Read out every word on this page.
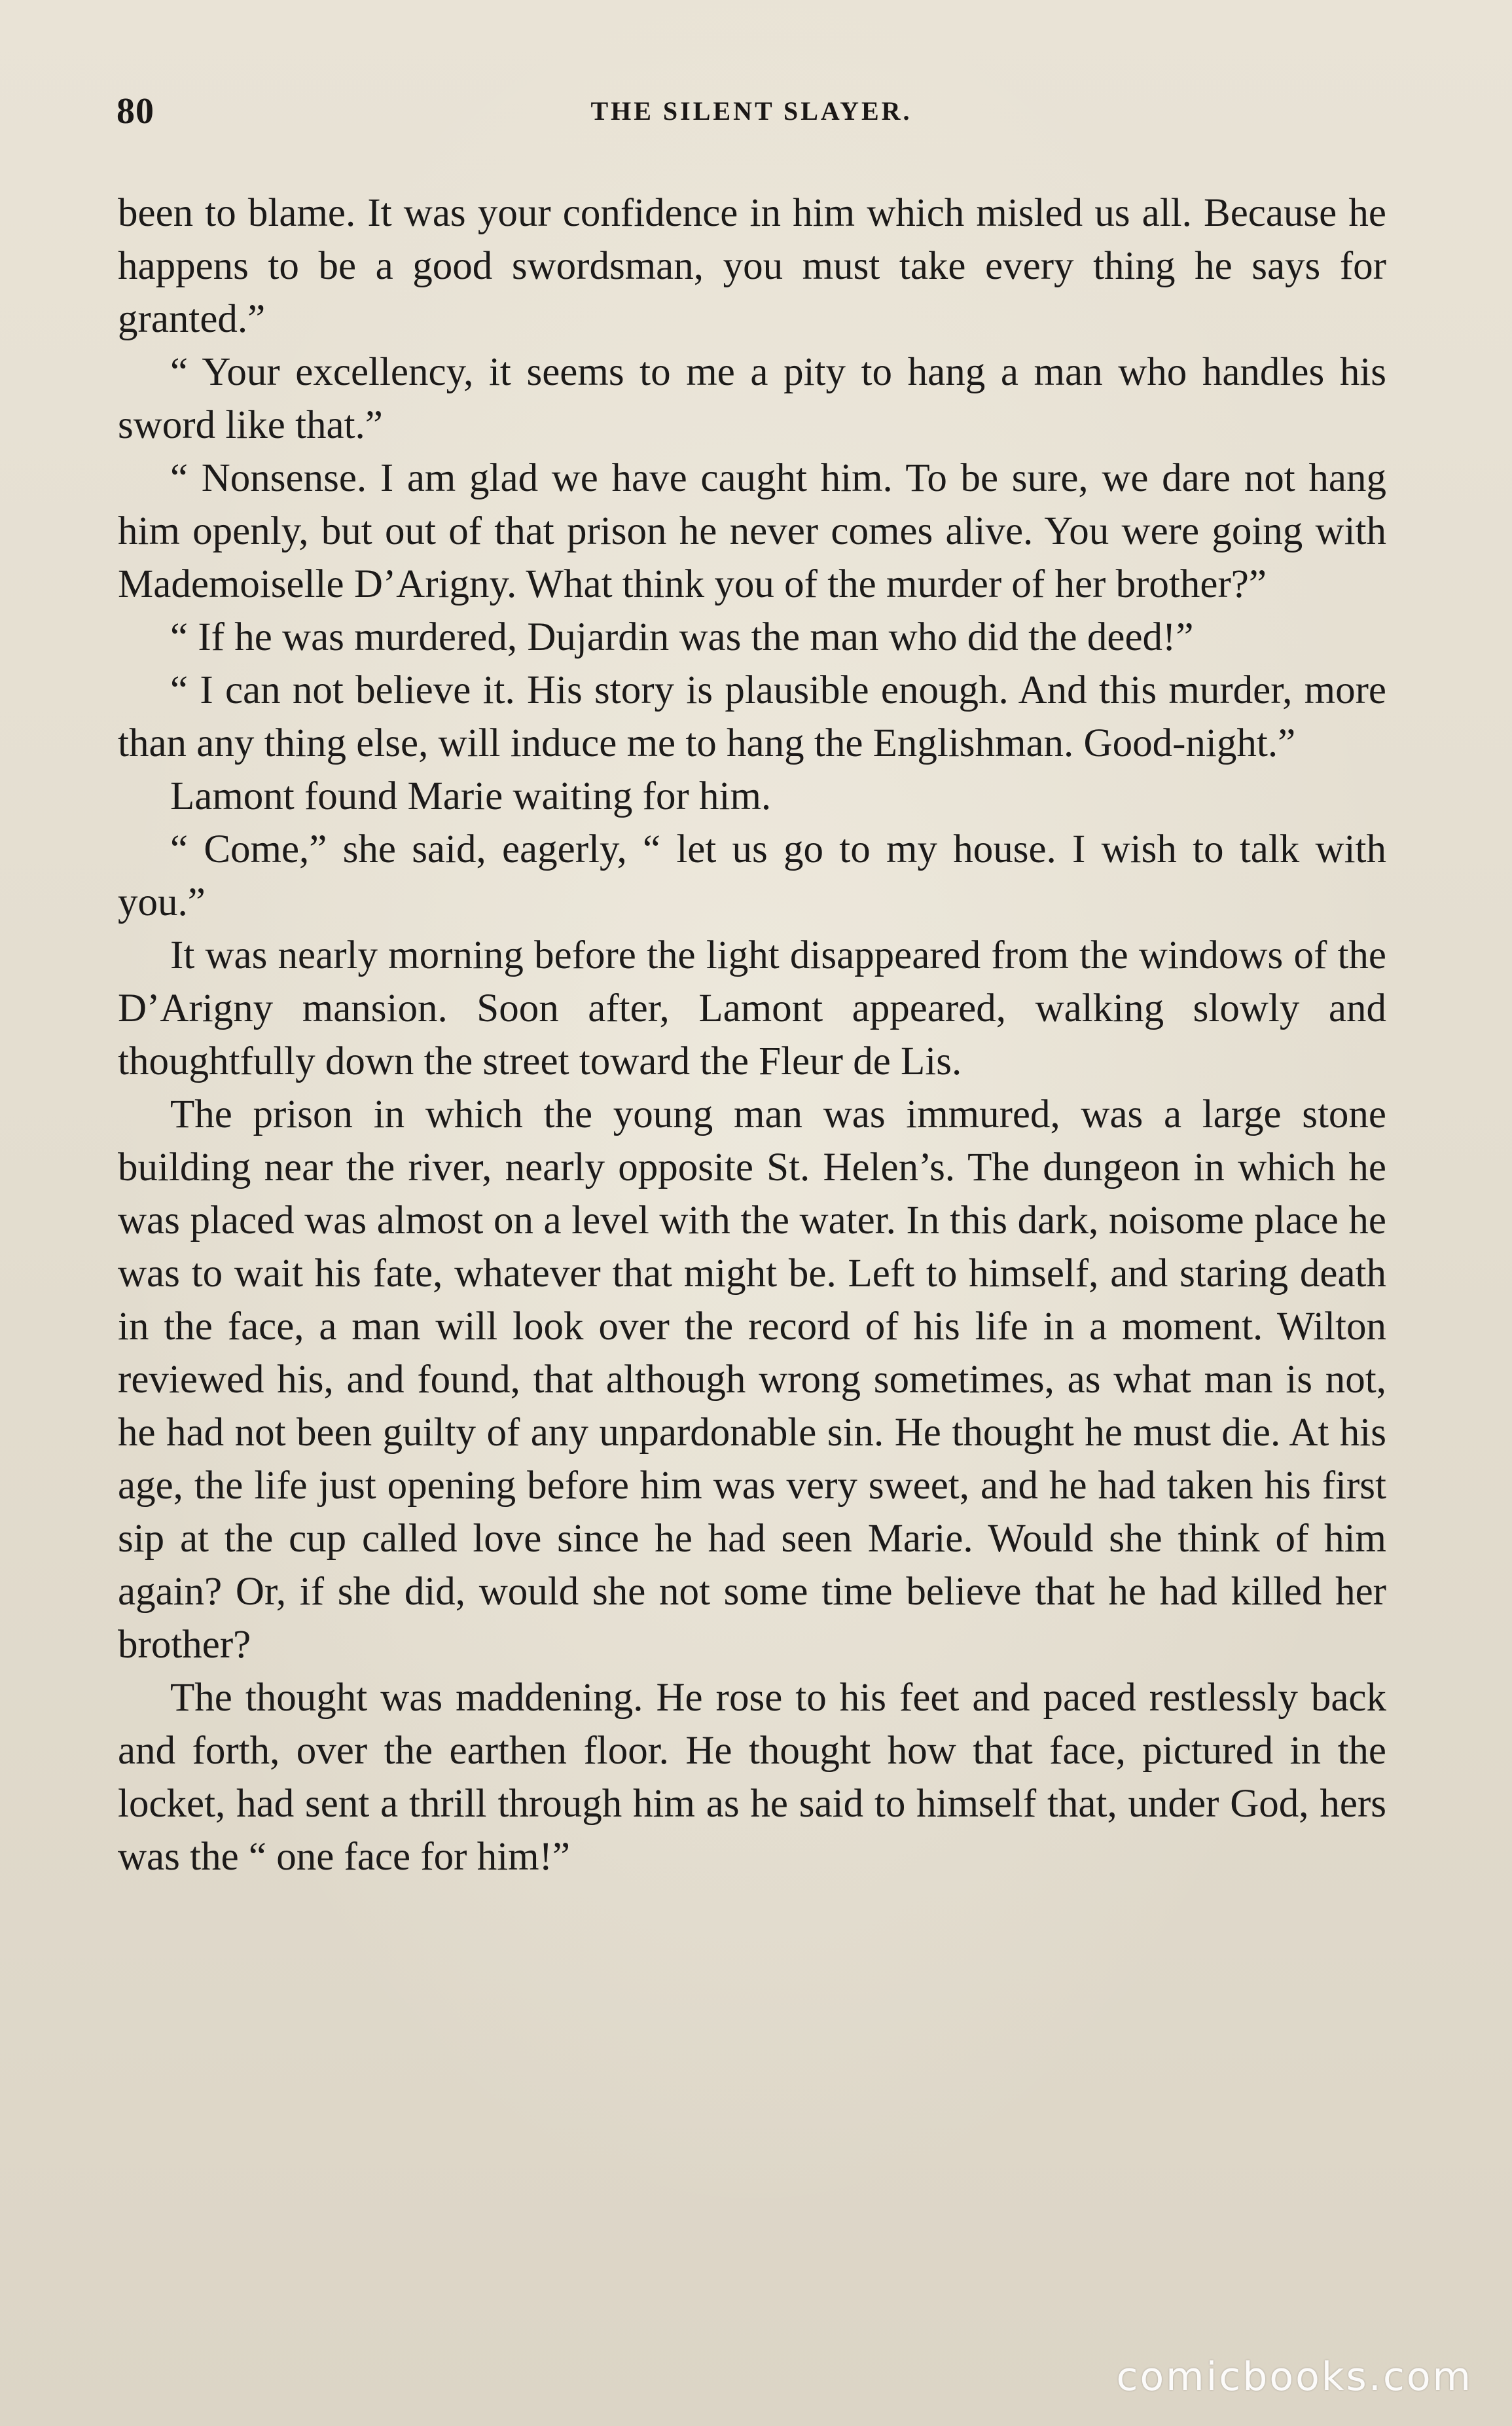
80	THE SILENT SLAYER.

been to blame. It was your confidence in him which misled us all. Because he happens to be a good swordsman, you must take every thing he says for granted.”

“ Your excellency, it seems to me a pity to hang a man who handles his sword like that.”

“ Nonsense. I am glad we have caught him. To be sure, we dare not hang him openly, but out of that prison he never comes alive. You were going with Mademoiselle D’Arigny. What think you of the murder of her brother?”

“ If he was murdered, Dujardin was the man who did the deed!”

“ I can not believe it. His story is plausible enough. And this murder, more than any thing else, will induce me to hang the Englishman. Good-night.”

Lamont found Marie waiting for him.

“ Come,” she said, eagerly, “ let us go to my house. I wish to talk with you.”

It was nearly morning before the light disappeared from the windows of the D’Arigny mansion. Soon after, Lamont appeared, walking slowly and thoughtfully down the street toward the Fleur de Lis.

The prison in which the young man was immured, was a large stone building near the river, nearly opposite St. Helen’s. The dungeon in which he was placed was almost on a level with the water. In this dark, noisome place he was to wait his fate, whatever that might be. Left to himself, and staring death in the face, a man will look over the record of his life in a moment. Wilton reviewed his, and found, that although wrong sometimes, as what man is not, he had not been guilty of any unpardonable sin. He thought he must die. At his age, the life just opening before him was very sweet, and he had taken his first sip at the cup called love since he had seen Marie. Would she think of him again? Or, if she did, would she not some time believe that he had killed her brother?

The thought was maddening. He rose to his feet and paced restlessly back and forth, over the earthen floor. He thought how that face, pictured in the locket, had sent a thrill through him as he said to himself that, under God, hers was the “ one face for him!”

comicbooks.com
